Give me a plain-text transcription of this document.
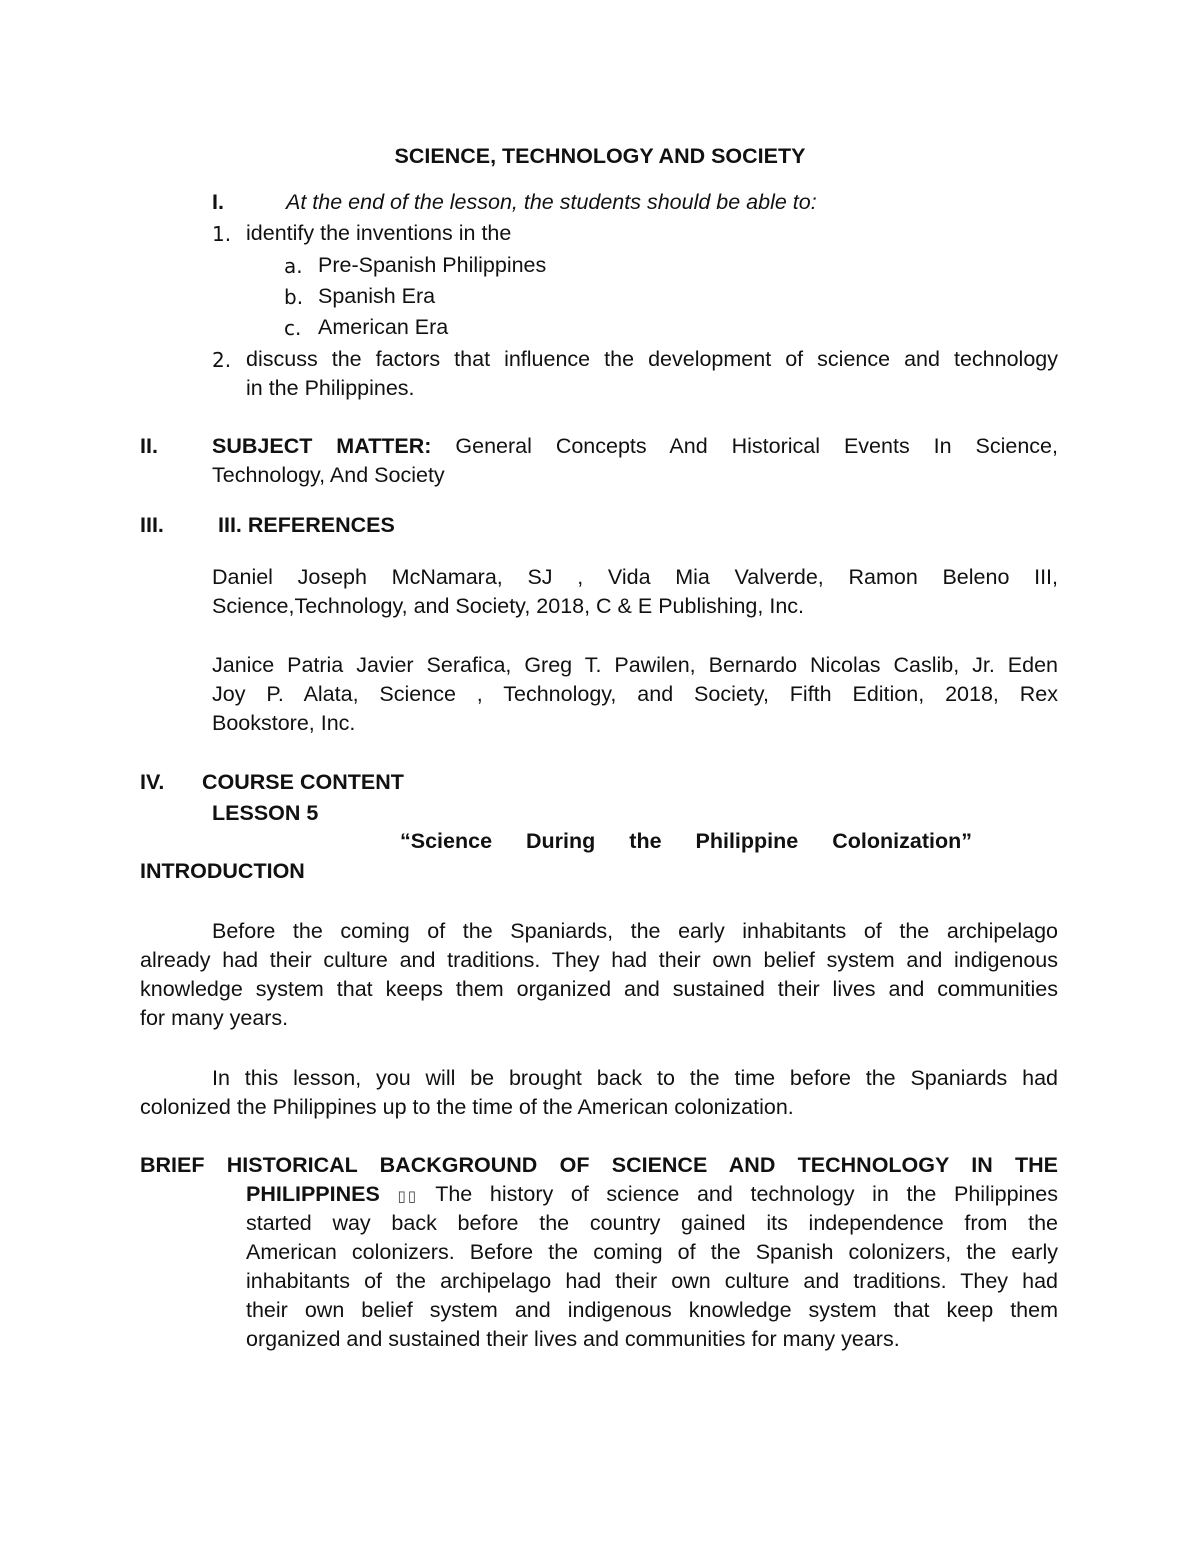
SCIENCE, TECHNOLOGY AND SOCIETY
I.	At the end of the lesson, the students should be able to:
1. identify the inventions in the
a. Pre-Spanish Philippines
b. Spanish Era
c. American Era
2. discuss the factors that influence the development of science and technology
in the Philippines.
II.	SUBJECT MATTER: General Concepts And Historical Events In Science,
Technology, And Society
III.	III. REFERENCES
Daniel Joseph McNamara, SJ , Vida Mia Valverde, Ramon Beleno III,
Science,Technology, and Society, 2018, C & E Publishing, Inc.
Janice Patria Javier Serafica, Greg T. Pawilen, Bernardo Nicolas Caslib, Jr. Eden
Joy P. Alata, Science , Technology, and Society, Fifth Edition, 2018, Rex
Bookstore, Inc.
IV. COURSE CONTENT
LESSON 5
“Science During the Philippine Colonization”
INTRODUCTION
Before the coming of the Spaniards, the early inhabitants of the archipelago
already had their culture and traditions. They had their own belief system and indigenous
knowledge system that keeps them organized and sustained their lives and communities
for many years.
In this lesson, you will be brought back to the time before the Spaniards had
colonized the Philippines up to the time of the American colonization.
BRIEF HISTORICAL BACKGROUND OF SCIENCE AND TECHNOLOGY IN THE
PHILIPPINES ▯▯ The history of science and technology in the Philippines
started way back before the country gained its independence from the
American colonizers. Before the coming of the Spanish colonizers, the early
inhabitants of the archipelago had their own culture and traditions. They had
their own belief system and indigenous knowledge system that keep them
organized and sustained their lives and communities for many years.
